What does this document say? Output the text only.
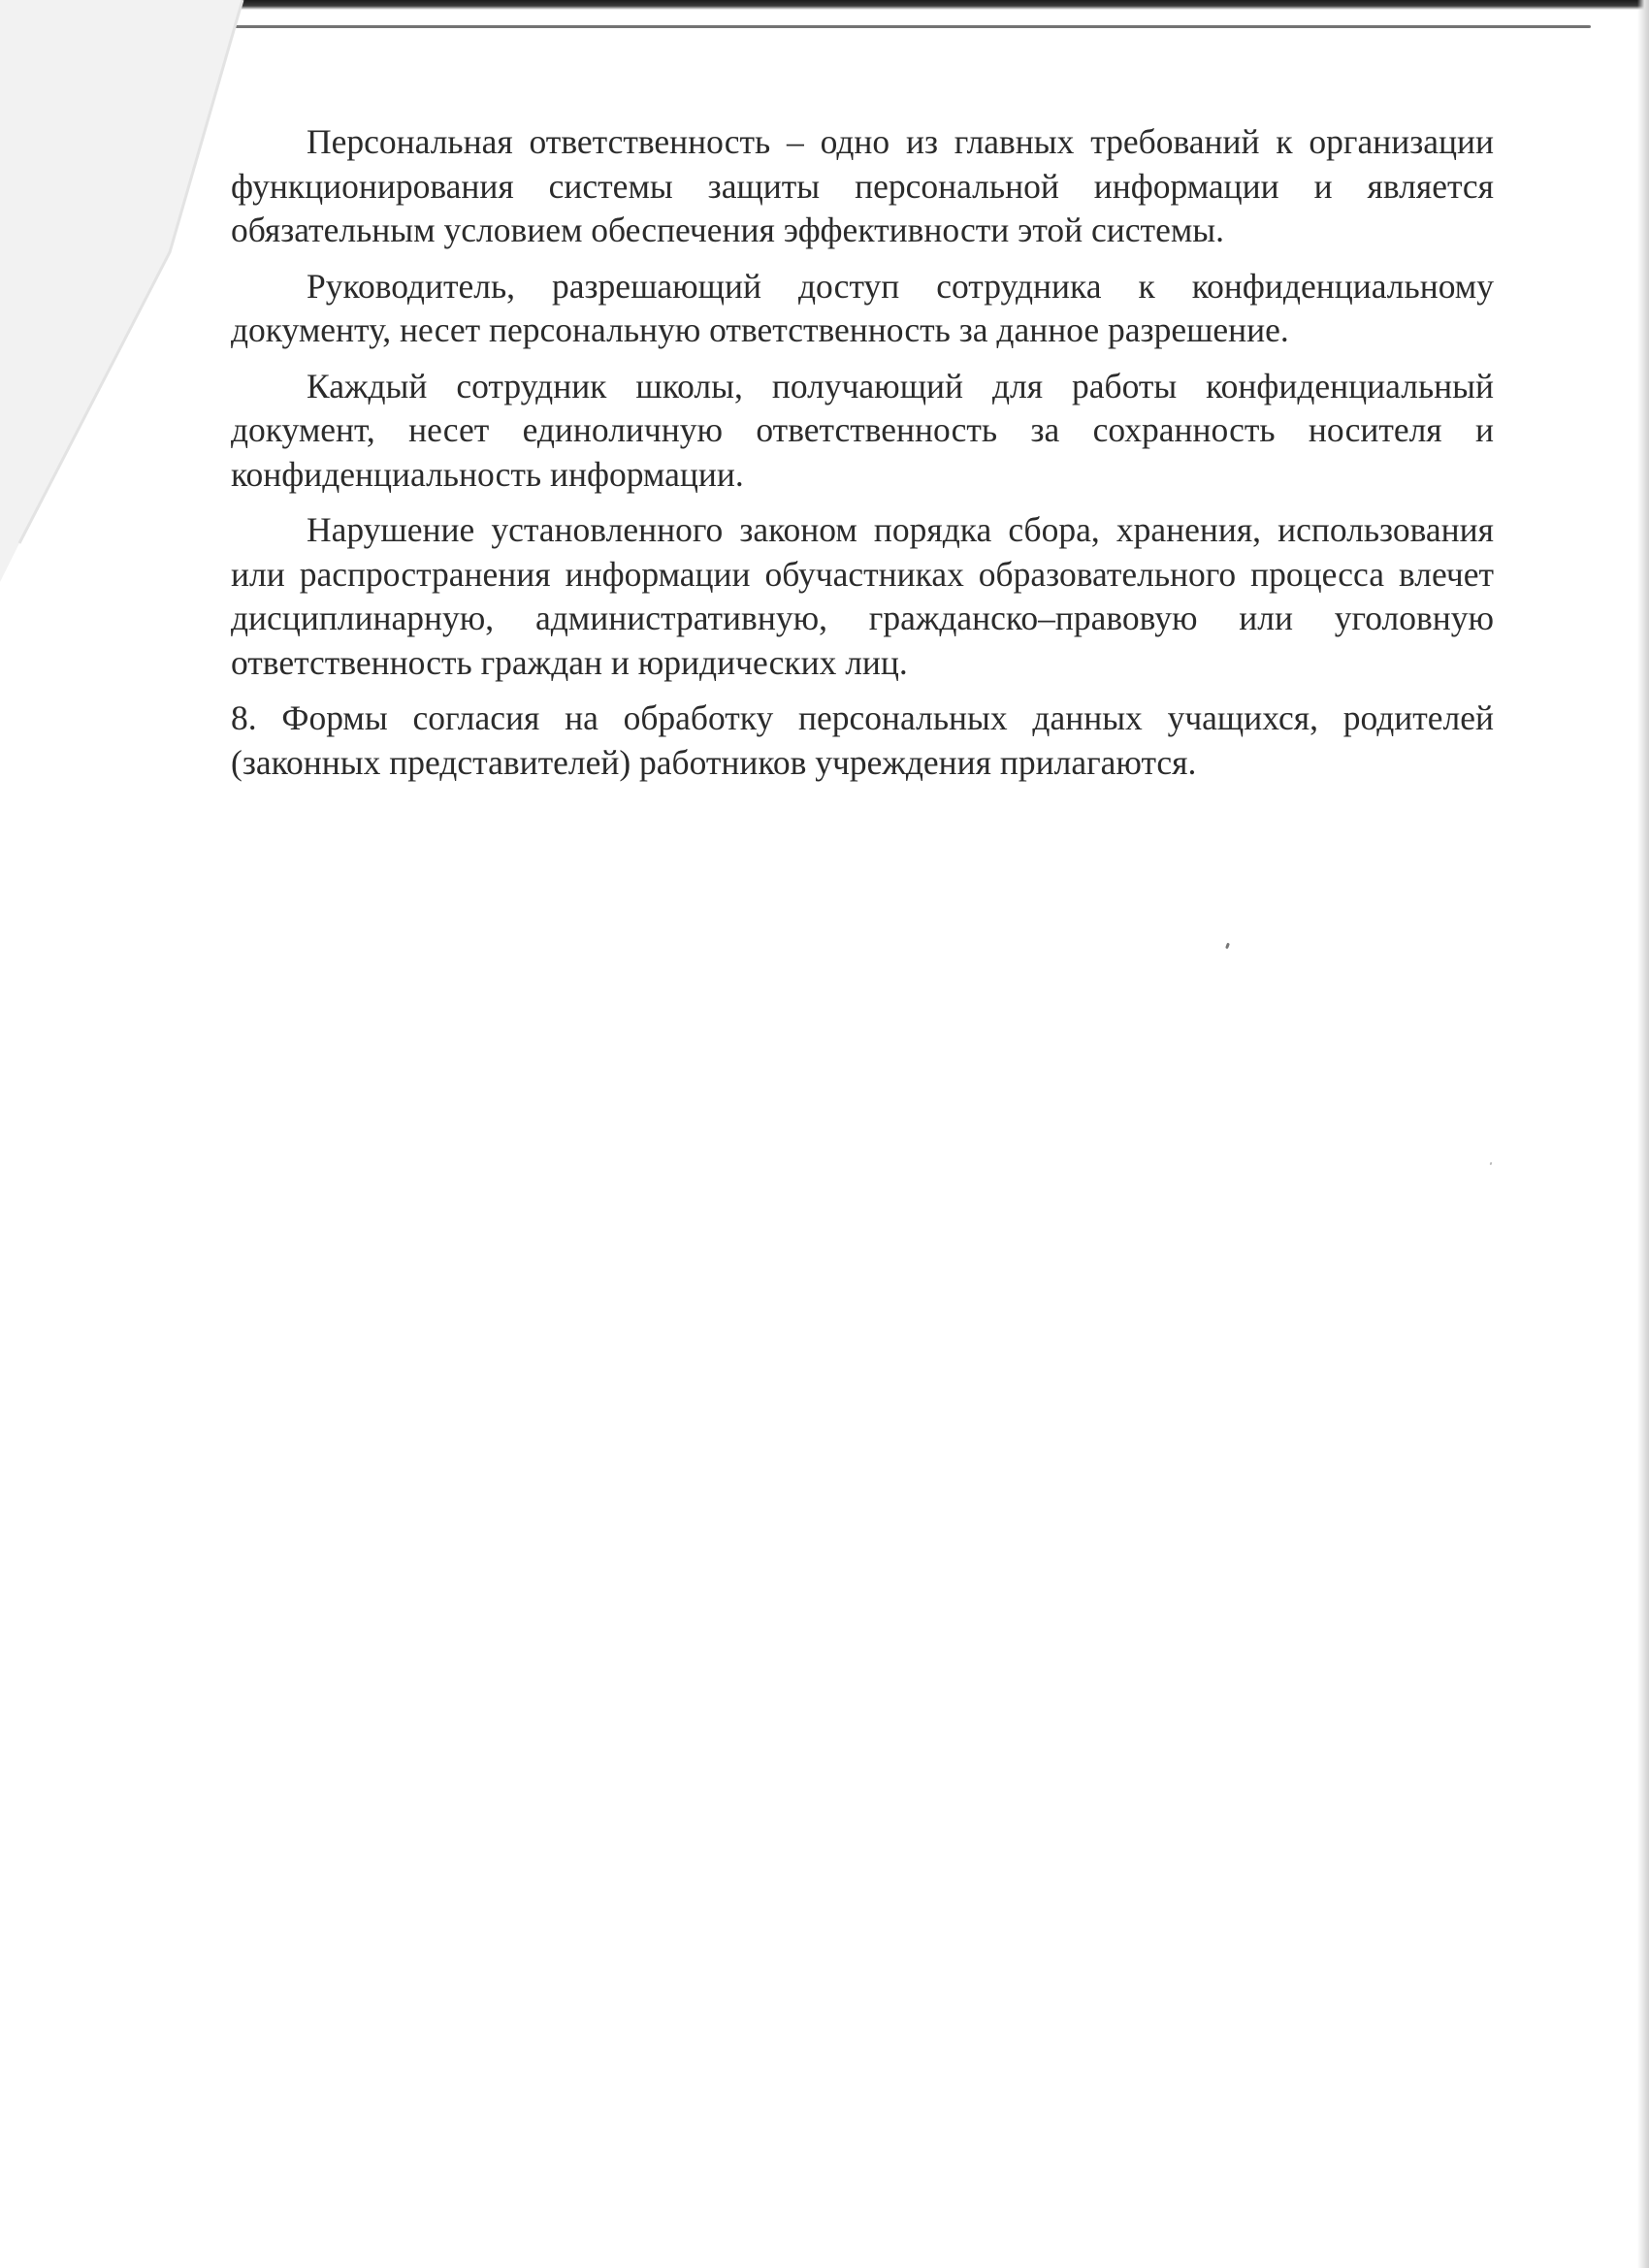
Персональная ответственность – одно из главных требований к организации функционирования системы защиты персональной информации и является обязательным условием обеспечения эффективности этой системы.

Руководитель, разрешающий доступ сотрудника к конфиденциальному документу, несет персональную ответственность за данное разрешение.

Каждый сотрудник школы, получающий для работы конфиденциальный документ, несет единоличную ответственность за сохранность носителя и конфиденциальность информации.

Нарушение установленного законом порядка сбора, хранения, использования или распространения информации обучастниках образовательного процесса влечет дисциплинарную, административную, гражданско–правовую или уголовную ответственность граждан и юридических лиц.

8. Формы согласия на обработку персональных данных учащихся, родителей (законных представителей) работников учреждения прилагаются.
